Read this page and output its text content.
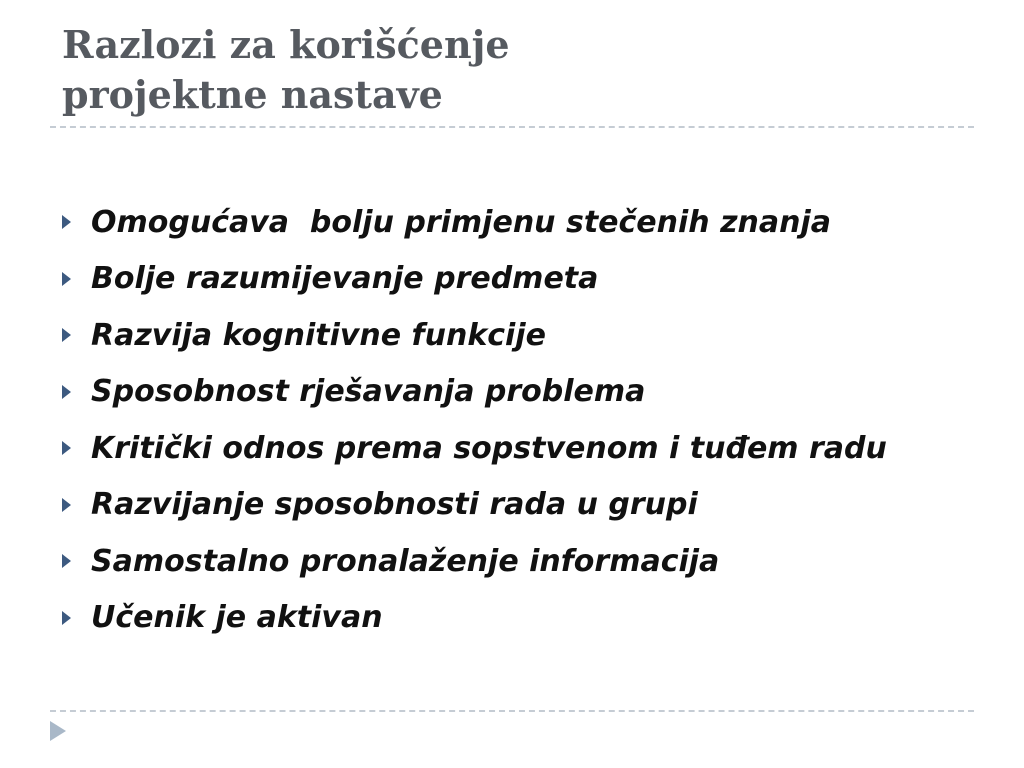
Razlozi za korišćenje
projektne nastave
Omogućava  bolju primjenu stečenih znanja
Bolje razumijevanje predmeta
Razvija kognitivne funkcije
Sposobnost rješavanja problema
Kritički odnos prema sopstvenom i tuđem radu
Razvijanje sposobnosti rada u grupi
Samostalno pronalaženje informacija
Učenik je aktivan
